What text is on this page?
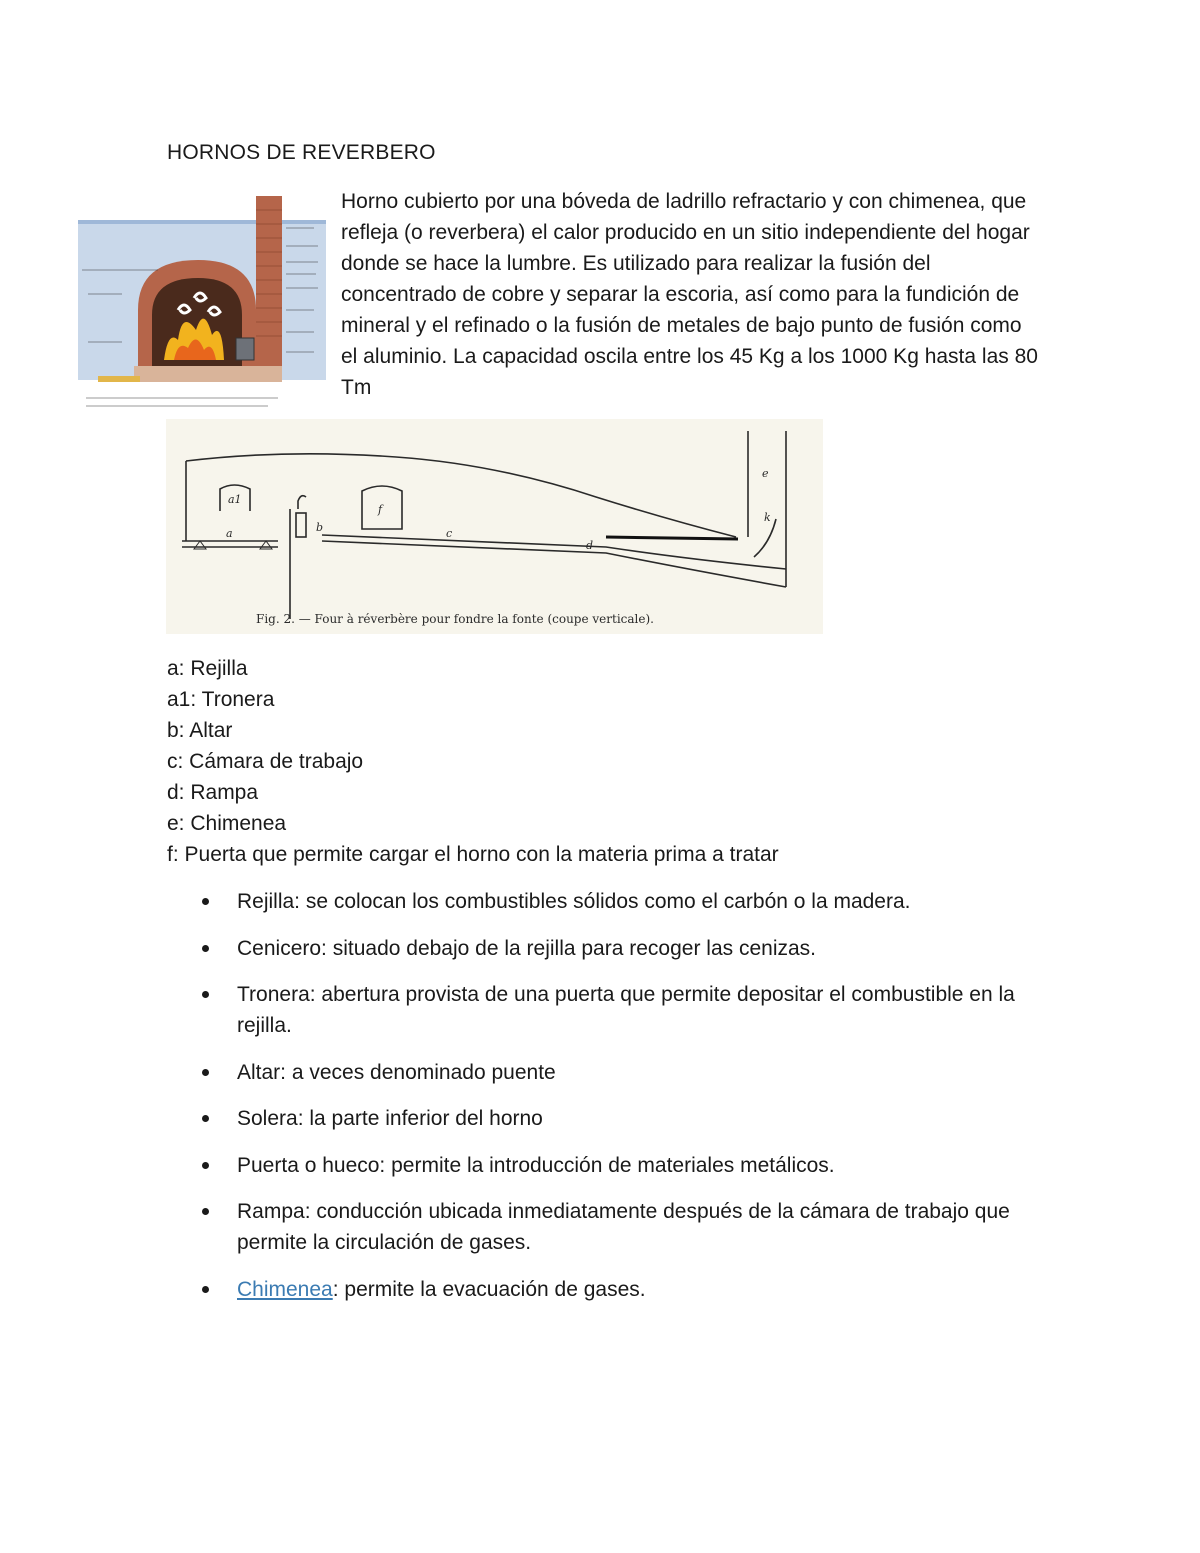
HORNOS DE REVERBERO

Horno cubierto por una bóveda de ladrillo refractario y con chimenea, que refleja (o reverbera) el calor producido en un sitio independiente del hogar donde se hace la lumbre. Es utilizado para realizar la fusión del concentrado de cobre y separar la escoria, así como para la fundición de mineral y el refinado o la fusión de metales de bajo punto de fusión como el aluminio. La capacidad oscila entre los 45 Kg a los 1000 Kg hasta las 80 Tm

a1
a	b
f
c
d
e
k
Fig. 2. — Four à réverbère pour fondre la fonte (coupe verticale).
a: Rejilla
a1: Tronera
b: Altar
c: Cámara de trabajo
d: Rampa
e: Chimenea
f: Puerta que permite cargar el horno con la materia prima a tratar
Rejilla: se colocan los combustibles sólidos como el carbón o la madera.
Cenicero: situado debajo de la rejilla para recoger las cenizas.
Tronera: abertura provista de una puerta que permite depositar el combustible en la rejilla.
Altar: a veces denominado puente
Solera: la parte inferior del horno
Puerta o hueco: permite la introducción de materiales metálicos.
Rampa: conducción ubicada inmediatamente después de la cámara de trabajo que permite la circulación de gases.
Chimenea: permite la evacuación de gases.
